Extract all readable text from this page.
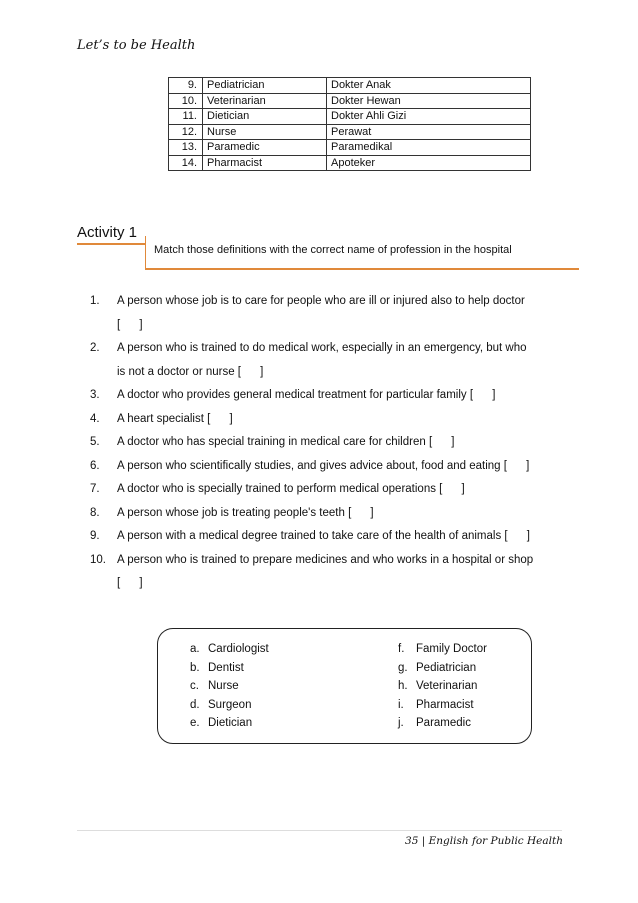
Let’s to be Health
9.	Pediatrician	Dokter Anak
10.	Veterinarian	Dokter Hewan
11.	Dietician	Dokter Ahli Gizi
12.	Nurse	Perawat
13.	Paramedic	Paramedikal
14.	Pharmacist	Apoteker
Activity 1
Match those definitions with the correct name of profession in the hospital
1. A person whose job is to care for people who are ill or injured also to help doctor
[      ]
2. A person who is trained to do medical work, especially in an emergency, but who
is not a doctor or nurse [      ]
3. A doctor who provides general medical treatment for particular family [      ]
4. A heart specialist [      ]
5. A doctor who has special training in medical care for children [      ]
6. A person who scientifically studies, and gives advice about, food and eating [      ]
7. A doctor who is specially trained to perform medical operations [      ]
8. A person whose job is treating people's teeth [      ]
9. A person with a medical degree trained to take care of the health of animals [      ]
10. A person who is trained to prepare medicines and who works in a hospital or shop
[      ]
a. Cardiologist
b. Dentist
c. Nurse
d. Surgeon
e. Dietician
f. Family Doctor
g. Pediatrician
h. Veterinarian
i. Pharmacist
j. Paramedic
35 | English for Public Health
